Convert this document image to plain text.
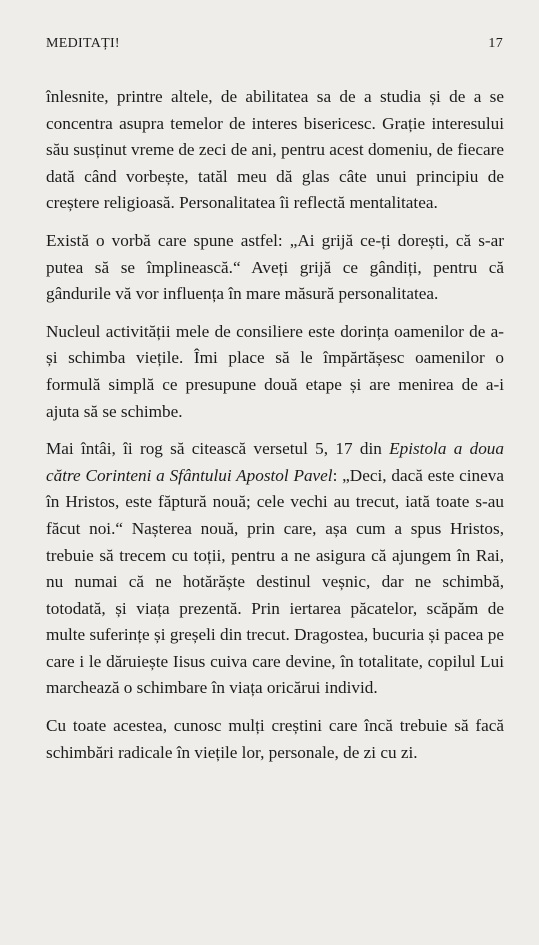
MEDITAȚI!	17

înlesnite, printre altele, de abilitatea sa de a studia și de a se concentra asupra temelor de interes bisericesc. Grație interesului său susținut vreme de zeci de ani, pentru acest domeniu, de fiecare dată când vorbește, tatăl meu dă glas câte unui principiu de creștere religioasă. Personalitatea îi reflectă mentalitatea.

Există o vorbă care spune astfel: „Ai grijă ce-ți dorești, că s-ar putea să se împlinească.“ Aveți grijă ce gândiți, pentru că gândurile vă vor influența în mare măsură personalitatea.

Nucleul activității mele de consiliere este dorința oamenilor de a-și schimba viețile. Îmi place să le împărtășesc oamenilor o formulă simplă ce presupune două etape și are menirea de a-i ajuta să se schimbe.

Mai întâi, îi rog să citească versetul 5, 17 din Epistola a doua către Corinteni a Sfântului Apostol Pavel: „Deci, dacă este cineva în Hristos, este făptură nouă; cele vechi au trecut, iată toate s-au făcut noi.“ Nașterea nouă, prin care, așa cum a spus Hristos, trebuie să trecem cu toții, pentru a ne asigura că ajungem în Rai, nu numai că ne hotărăște destinul veșnic, dar ne schimbă, totodată, și viața prezentă. Prin iertarea păcatelor, scăpăm de multe suferințe și greșeli din trecut. Dragostea, bucuria și pacea pe care i le dăruiește Iisus cuiva care devine, în totalitate, copilul Lui marchează o schimbare în viața oricărui individ.

Cu toate acestea, cunosc mulți creștini care încă trebuie să facă schimbări radicale în viețile lor, personale, de zi cu zi.
